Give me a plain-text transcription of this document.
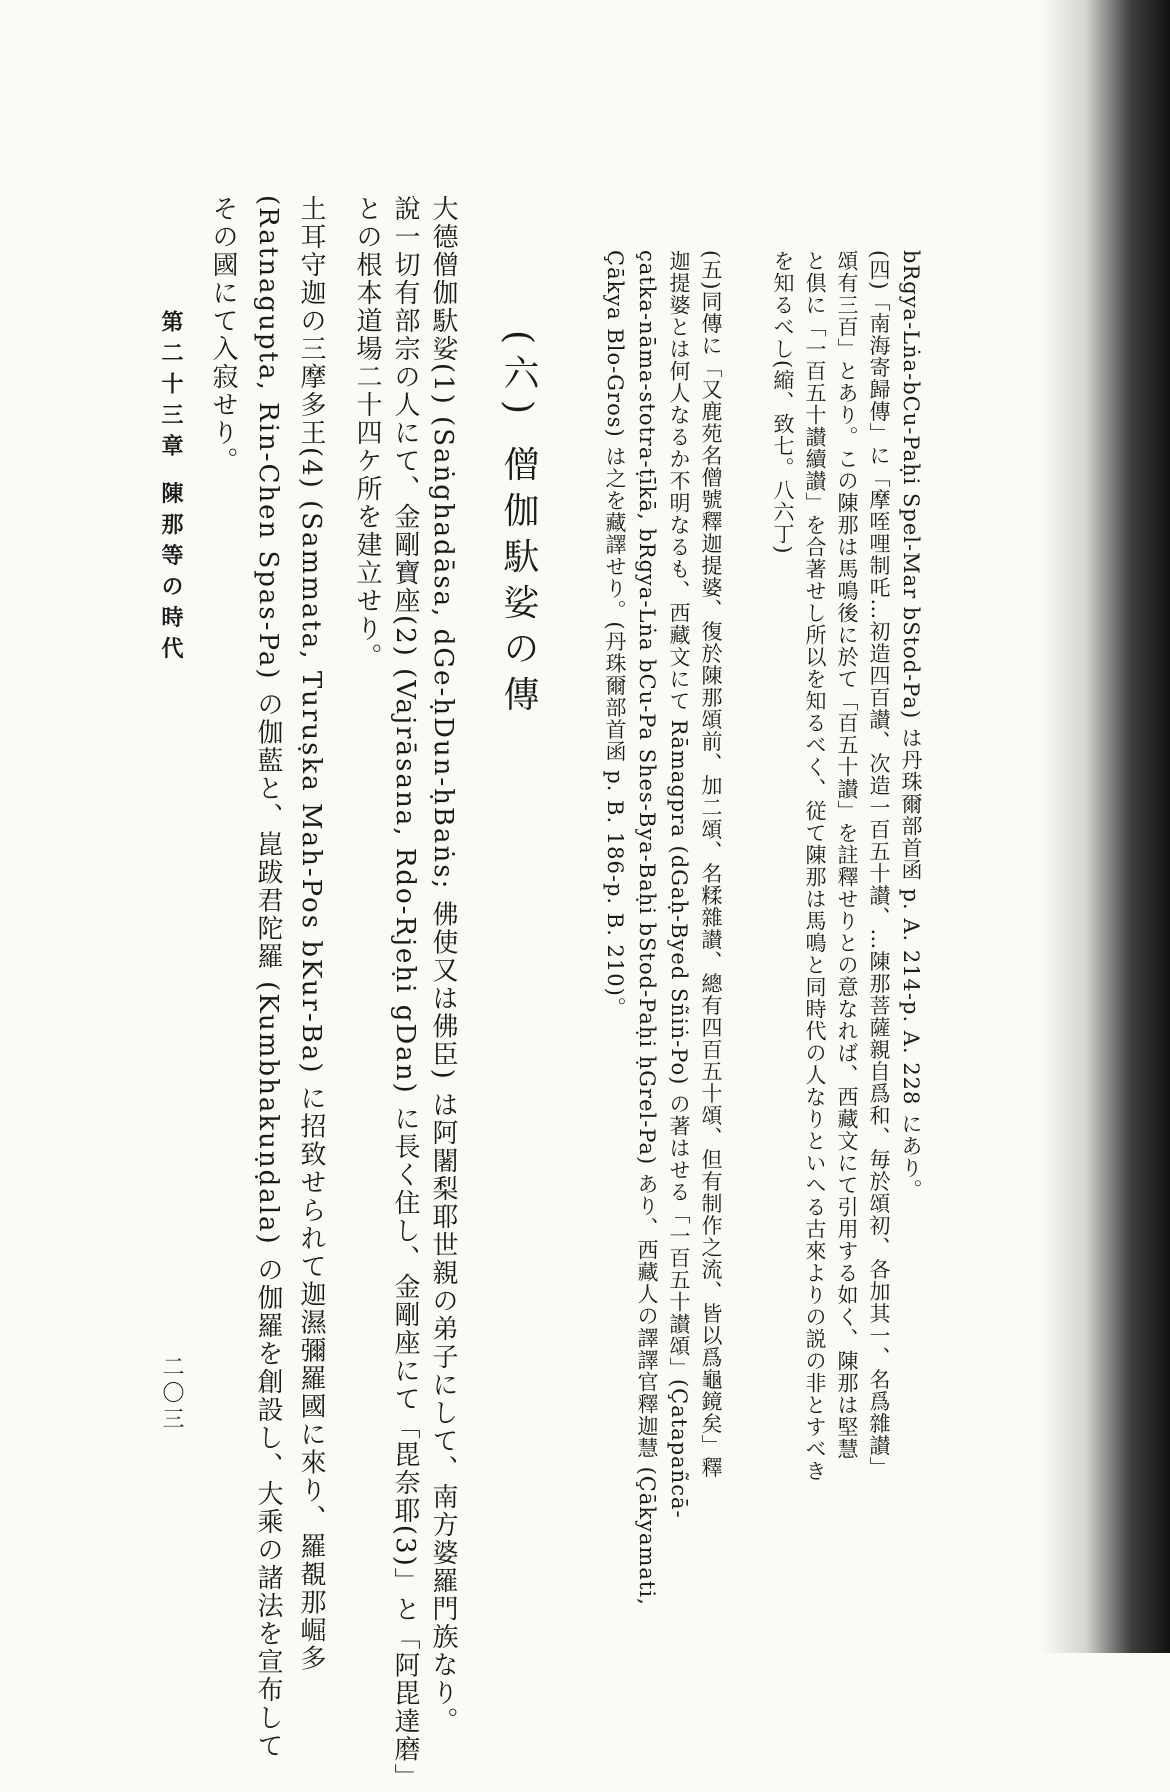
bRgya-Lṅa-bCu-Paḥi Spel-Mar bStod-Pa) は丹珠爾部首函 p. A. 214-p. A. 228 にあり。
(四)「南海寄歸傳」に「摩咥哩制吒…初造四百讃、次造一百五十讃、…陳那菩薩親自爲和、毎於頌初、各加其一、名爲雜讃」
頌有三百」とあり。この陳那は馬鳴後に於て「百五十讃」を註釋せりとの意なれば、西藏文にて引用する如く、陳那は堅慧
と倶に「一百五十讃續讃」を合著せし所以を知るべく、従て陳那は馬鳴と同時代の人なりといへる古來よりの説の非とすべき
を知るべし(縮、致七。八六丁)
(五)同傳に「又鹿苑名僧號釋迦提婆、復於陳那頌前、加二頌、名糅雜讃、總有四百五十頌、但有制作之流、皆以爲龜鏡矣」釋
迦提婆とは何人なるか不明なるも、西藏文にて Rāmagpra (dGaḥ-Byed Sñiṅ-Po) の著はせる「一百五十讃頌」(Çatapañcā-
çatka-nāma-stotra-ṭīkā, bRgya-Lṅa bCu-Pa Shes-Bya-Baḥi bStod-Paḥi ḥGrel-Pa) あり、西藏人の譯譯官釋迦慧 (Çākyamati,
Çākya Blo-Gros) は之を藏譯せり。(丹珠爾部首函 p. B. 186-p. B. 210)。
(六) 僧伽馱娑の傳
大德僧伽馱娑(1) (Saṅghadāsa, dGe-ḥDun-ḥBaṅs; 佛使又は佛臣) は阿闍梨耶世親の弟子にして、南方婆羅門族なり。
說一切有部宗の人にて、金剛寶座(2) (Vajrāsana, Rdo-Rjeḥi gDan) に長く住し、金剛座にて「毘奈耶(3)」と「阿毘達磨」
との根本道場二十四ケ所を建立せり。
土耳守迦の三摩多王(4) (Sammata, Turuṣka Mah-Pos bKur-Ba) に招致せられて迦濕彌羅國に來り、羅覩那崛多
(Ratnagupta, Rin-Chen Spas-Pa) の伽藍と、崑跋君陀羅 (Kumbhakuṇḍala) の伽羅を創設し、大乘の諸法を宣布して
その國にて入寂せり。
第二十三章 陳那等の時代
二〇三
